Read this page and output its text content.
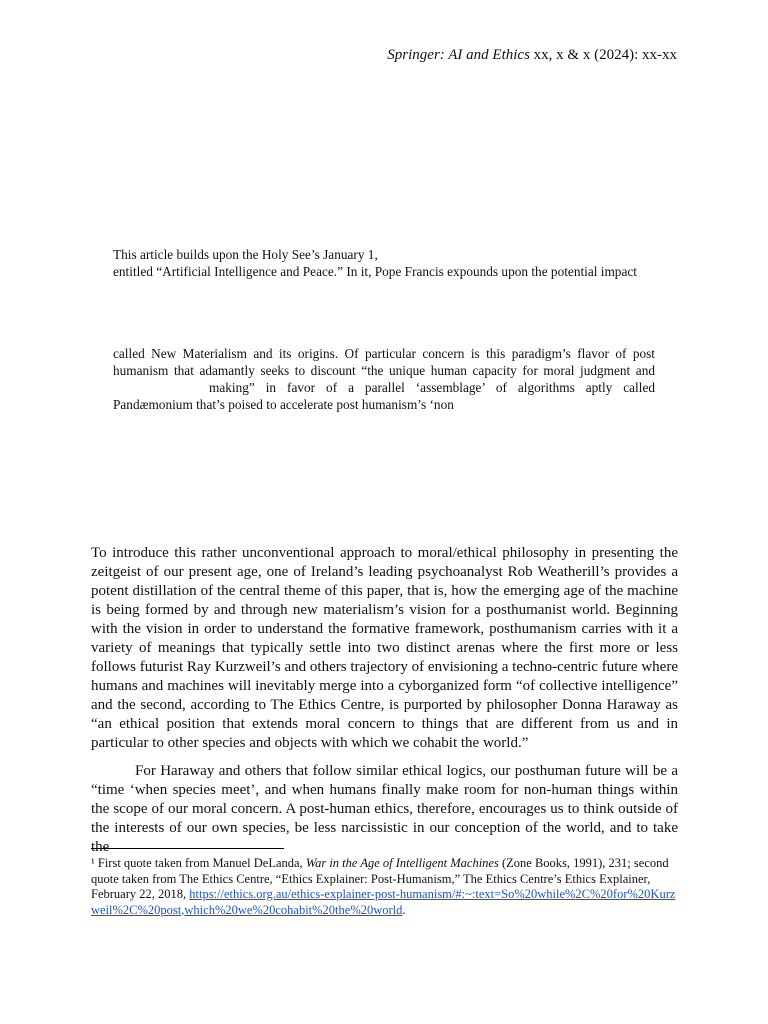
Springer: AI and Ethics xx, x & x (2024): xx-xx
This article builds upon the Holy See’s January 1,
entitled “Artificial Intelligence and Peace.” In it, Pope Francis expounds upon the potential impact
called New Materialism and its origins. Of particular concern is this paradigm’s flavor of post
humanism that adamantly seeks to discount “the unique human capacity for moral judgment and
making” in favor of a parallel ‘assemblage’ of algorithms aptly called
Pandæmonium that’s poised to accelerate post humanism’s ‘non

To introduce this rather unconventional approach to moral/ethical philosophy in presenting the zeitgeist of our present age, one of Ireland’s leading psychoanalyst Rob Weatherill’s provides a potent distillation of the central theme of this paper, that is, how the emerging age of the machine is being formed by and through new materialism’s vision for a posthumanist world. Beginning with the vision in order to understand the formative framework, posthumanism carries with it a variety of meanings that typically settle into two distinct arenas where the first more or less follows futurist Ray Kurzweil’s and others trajectory of envisioning a techno-centric future where humans and machines will inevitably merge into a cyborganized form “of collective intelligence” and the second, according to The Ethics Centre, is purported by philosopher Donna Haraway as “an ethical position that extends moral concern to things that are different from us and in particular to other species and objects with which we cohabit the world.”

For Haraway and others that follow similar ethical logics, our posthuman future will be a “time ‘when species meet’, and when humans finally make room for non-human things within the scope of our moral concern. A post-human ethics, therefore, encourages us to think outside of the interests of our own species, be less narcissistic in our conception of the world, and to take the

¹ First quote taken from Manuel DeLanda, War in the Age of Intelligent Machines (Zone Books, 1991), 231; second quote taken from The Ethics Centre, “Ethics Explainer: Post-Humanism,” The Ethics Centre’s Ethics Explainer, February 22, 2018, https://ethics.org.au/ethics-explainer-post-humanism/#:~:text=So%20while%2C%20for%20Kurzweil%2C%20post,which%20we%20cohabit%20the%20world.
